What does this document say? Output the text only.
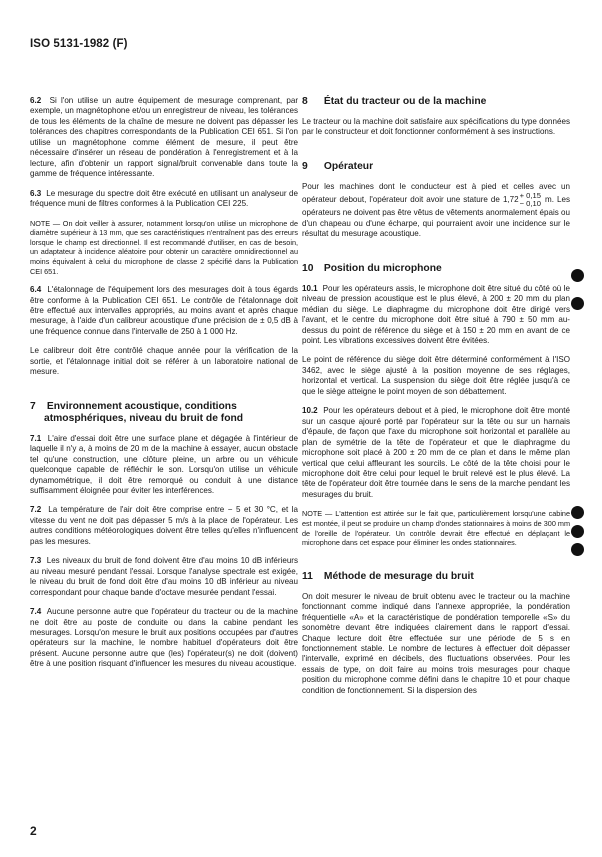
ISO 5131-1982 (F)

6.2 Si l'on utilise un autre équipement de mesurage comprenant, par exemple, un magnétophone et/ou un enregistreur de niveau, les tolérances de tous les éléments de la chaîne de mesure ne doivent pas dépasser les tolérances des chapitres correspondants de la Publication CEI 651. Si l'on utilise un magnétophone comme élément de mesure, il peut être nécessaire d'insérer un réseau de pondération à l'enregistrement et à la lecture, afin d'obtenir un rapport signal/bruit convenable dans toute la gamme de fréquence intéressante.

6.3 Le mesurage du spectre doit être exécuté en utilisant un analyseur de fréquence muni de filtres conformes à la Publication CEI 225.

NOTE — On doit veiller à assurer, notamment lorsqu'on utilise un microphone de diamètre supérieur à 13 mm, que ses caractéristiques n'entraînent pas des erreurs lorsque le champ est directionnel. Il est recommandé d'utiliser, en cas de besoin, un adaptateur à incidence aléatoire pour obtenir un caractère omnidirectionnel au moins équivalent à celui du microphone de classe 2 spécifié dans la Publication CEI 651.

6.4 L'étalonnage de l'équipement lors des mesurages doit à tous égards être conforme à la Publication CEI 651. Le contrôle de l'étalonnage doit être effectué aux intervalles appropriés, au moins avant et après chaque mesurage, à l'aide d'un calibreur acoustique d'une précision de ± 0,5 dB à une fréquence connue dans l'intervalle de 250 à 1 000 Hz.

Le calibreur doit être contrôlé chaque année pour la vérification de la sortie, et l'étalonnage initial doit se référer à un laboratoire national de mesure.

7 Environnement acoustique, conditions
atmosphériques, niveau du bruit de fond

7.1 L'aire d'essai doit être une surface plane et dégagée à l'intérieur de laquelle il n'y a, à moins de 20 m de la machine à essayer, aucun obstacle tel qu'une construction, une clôture pleine, un arbre ou un véhicule quelconque capable de réfléchir le son. Lorsqu'on utilise un véhicule dynamométrique, il doit être remorqué ou conduit à une distance suffisamment éloignée pour éviter les interférences.

7.2 La température de l'air doit être comprise entre − 5 et 30 °C, et la vitesse du vent ne doit pas dépasser 5 m/s à la place de l'opérateur. Les autres conditions météorologiques doivent être telles qu'elles n'influencent pas les mesures.

7.3 Les niveaux du bruit de fond doivent être d'au moins 10 dB inférieurs au niveau mesuré pendant l'essai. Lorsque l'analyse spectrale est exigée, le niveau du bruit de fond doit être d'au moins 10 dB inférieur au niveau correspondant pour chaque bande d'octave mesurée pendant l'essai.

7.4 Aucune personne autre que l'opérateur du tracteur ou de la machine ne doit être au poste de conduite ou dans la cabine pendant les mesurages. Lorsqu'on mesure le bruit aux positions occupées par d'autres opérateurs sur la machine, le nombre habituel d'opérateurs doit être présent. Aucune personne autre que (les) l'opérateur(s) ne doit (doivent) être à une position risquant d'influencer les mesures du niveau acoustique.

8 État du tracteur ou de la machine

Le tracteur ou la machine doit satisfaire aux spécifications du type données par le constructeur et doit fonctionner conformément à ses instructions.

9 Opérateur

Pour les machines dont le conducteur est à pied et celles avec un opérateur debout, l'opérateur doit avoir une stature de 1,72 + 0,15
− 0,10 m. Les opérateurs ne doivent pas être vêtus de vêtements anormalement épais ou d'un chapeau ou d'une écharpe, qui pourraient avoir une incidence sur le résultat du mesurage acoustique.

10 Position du microphone

10.1 Pour les opérateurs assis, le microphone doit être situé du côté où le niveau de pression acoustique est le plus élevé, à 200 ± 20 mm du plan médian du siège. Le diaphragme du microphone doit être dirigé vers l'avant, et le centre du microphone doit être situé à 790 ± 50 mm au-dessus du point de référence du siège et à 150 ± 20 mm en avant de ce point. Les vibrations excessives doivent être évitées.

Le point de référence du siège doit être déterminé conformément à l'ISO 3462, avec le siège ajusté à la position moyenne de ses réglages, horizontal et vertical. La suspension du siège doit être réglée jusqu'à ce que le siège atteigne le point moyen de son débattement.

10.2 Pour les opérateurs debout et à pied, le microphone doit être monté sur un casque ajouré porté par l'opérateur sur la tête ou sur un harnais d'épaule, de façon que l'axe du microphone soit horizontal et parallèle au plan de symétrie de la tête de l'opérateur et que le diaphragme du microphone soit placé à 200 ± 20 mm de ce plan et dans le même plan vertical que celui affleurant les sourcils. Le côté de la tête choisi pour le microphone doit être celui pour lequel le bruit relevé est le plus élevé. La tête de l'opérateur doit être tournée dans le sens de la marche pendant les mesurages du bruit.

NOTE — L'attention est attirée sur le fait que, particulièrement lorsqu'une cabine est montée, il peut se produire un champ d'ondes stationnaires à moins de 300 mm de l'oreille de l'opérateur. Un contrôle devrait être effectué en déplaçant le microphone dans cet espace pour éliminer les ondes stationnaires.

11 Méthode de mesurage du bruit

On doit mesurer le niveau de bruit obtenu avec le tracteur ou la machine fonctionnant comme indiqué dans l'annexe appropriée, la pondération fréquentielle «A» et la caractéristique de pondération temporelle «S» du sonomètre devant être indiquées clairement dans le rapport d'essai. Chaque lecture doit être effectuée sur une période de 5 s en fonctionnement stable. Le nombre de lectures à effectuer doit dépasser l'intervalle, exprimé en décibels, des fluctuations observées. Pour les essais de type, on doit faire au moins trois mesurages pour chaque position du microphone comme défini dans le chapitre 10 et pour chaque condition de fonctionnement. Si la dispersion des

2
